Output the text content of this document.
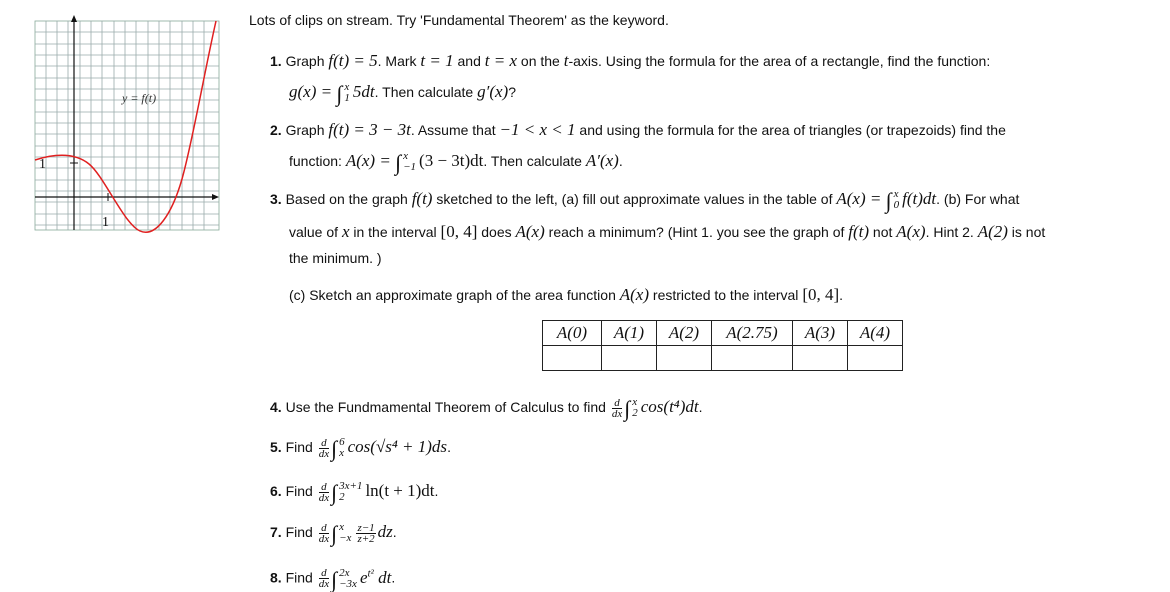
y = f(t)
1
1
Lots of clips on stream. Try 'Fundamental Theorem' as the keyword.
1. Graph f(t) = 5. Mark t = 1 and t = x on the t-axis. Using the formula for the area of a rectangle, find the function:
g(x) = ∫ x
1 5dt. Then calculate g′(x)?
2. Graph f(t) = 3 − 3t. Assume that −1 < x < 1 and using the formula for the area of triangles (or trapezoids) find the
function: A(x) = ∫ x
−1 (3 − 3t)dt. Then calculate A′(x).
3. Based on the graph f(t) sketched to the left, (a) fill out approximate values in the table of A(x) = ∫ x
0 f(t)dt. (b) For what
value of x in the interval [0, 4] does A(x) reach a minimum? (Hint 1. you see the graph of f(t) not A(x). Hint 2. A(2) is not
the minimum. )
(c) Sketch an approximate graph of the area function A(x) restricted to the interval [0, 4].
A(0)	A(1)	A(2)	A(2.75)	A(3)	A(4)

4. Use the Fundmamental Theorem of Calculus to find $\frac{d}{dx}$ ∫ x
2 cos(t⁴)dt.
5. Find $\frac{d}{dx}$ ∫ 6
x cos(√s⁴ + 1)ds.
6. Find $\frac{d}{dx}$ ∫ 3x+1
2	ln(t + 1)dt.
7. Find $\frac{d}{dx}$ ∫ x
$-x \frac{z-1}{z+2}$ dz.
8. Find $\frac{d}{dx}$ ∫ 2x
−3x $e^{t^2}$ dt.
